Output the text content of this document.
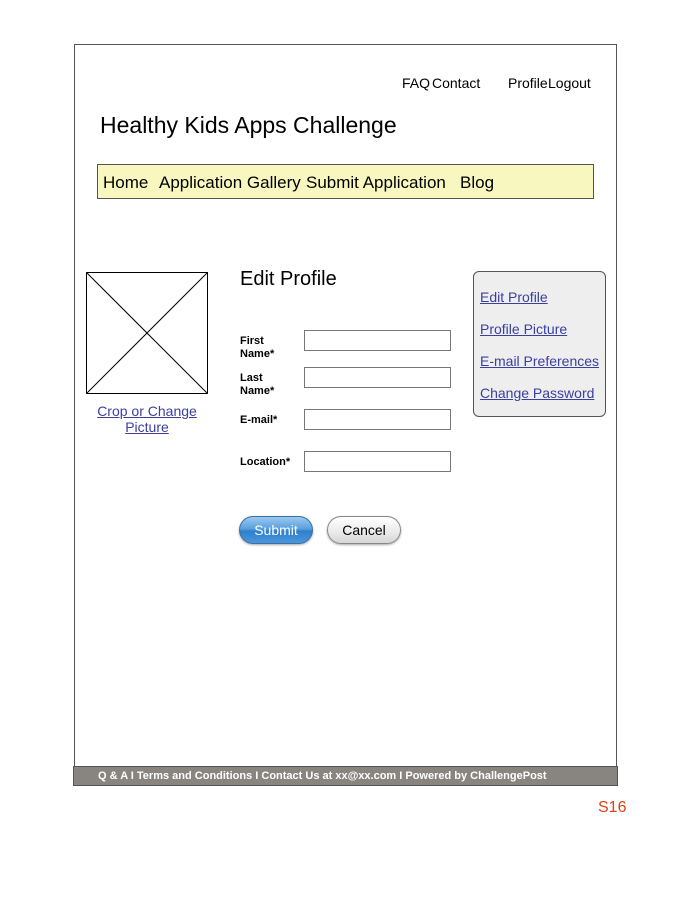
FAQ Contact Profile Logout
Healthy Kids Apps Challenge
Home Application Gallery Submit Application Blog
Crop or Change
Picture
Edit Profile
First
Name*
Last
Name*
E-mail*
Location*
Submit	Cancel
Edit Profile
Profile Picture
E-mail Preferences
Change Password
Q & A I Terms and Conditions I Contact Us at xx@xx.com I Powered by ChallengePost
S16
